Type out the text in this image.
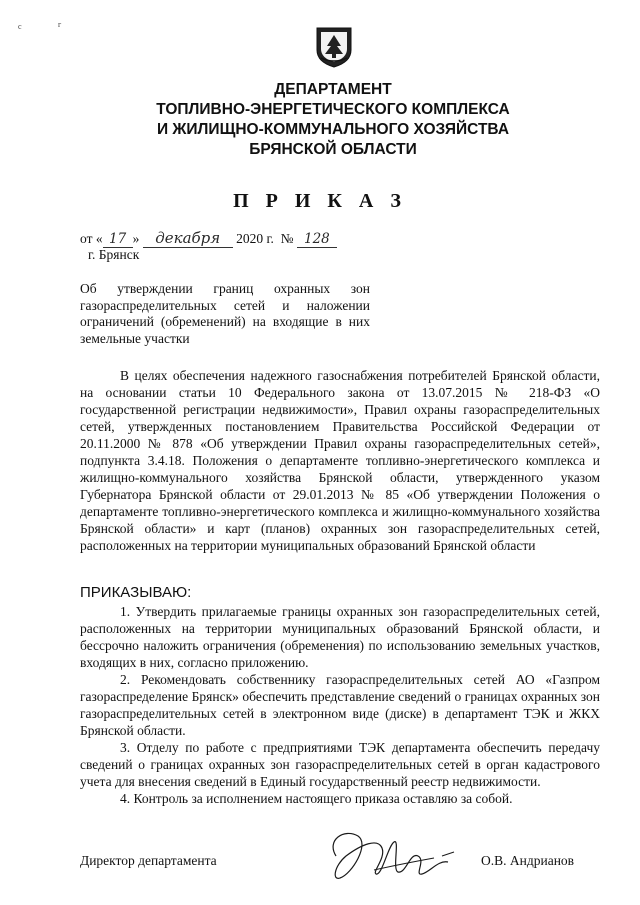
с	г
ДЕПАРТАМЕНТ
ТОПЛИВНО-ЭНЕРГЕТИЧЕСКОГО КОМПЛЕКСА
И ЖИЛИЩНО-КОММУНАЛЬНОГО ХОЗЯЙСТВА
БРЯНСКОЙ ОБЛАСТИ
П Р И К А З
от « 17 » декабря 2020 г. № 128
г. Брянск
Об утверждении границ охранных зон газораспределительных сетей и наложении ограничений (обременений) на входящие в них земельные участки
В целях обеспечения надежного газоснабжения потребителей Брянской области, на основании статьи 10 Федерального закона от 13.07.2015 № 218-ФЗ «О государственной регистрации недвижимости», Правил охраны газораспределительных сетей, утвержденных постановлением Правительства Российской Федерации от 20.11.2000 № 878 «Об утверждении Правил охраны газораспределительных сетей», подпункта 3.4.18. Положения о департаменте топливно-энергетического комплекса и жилищно-коммунального хозяйства Брянской области, утвержденного указом Губернатора Брянской области от 29.01.2013 № 85 «Об утверждении Положения о департаменте топливно-энергетического комплекса и жилищно-коммунального хозяйства Брянской области» и карт (планов) охранных зон газораспределительных сетей, расположенных на территории муниципальных образований Брянской области
ПРИКАЗЫВАЮ:

1. Утвердить прилагаемые границы охранных зон газораспределительных сетей, расположенных на территории муниципальных образований Брянской области, и бессрочно наложить ограничения (обременения) по использованию земельных участков, входящих в них, согласно приложению.

2. Рекомендовать собственнику газораспределительных сетей АО «Газпром газораспределение Брянск» обеспечить представление сведений о границах охранных зон газораспределительных сетей в электронном виде (диске) в департамент ТЭК и ЖКХ Брянской области.

3. Отделу по работе с предприятиями ТЭК департамента обеспечить передачу сведений о границах охранных зон газораспределительных сетей в орган кадастрового учета для внесения сведений в Единый государственный реестр недвижимости.

4. Контроль за исполнением настоящего приказа оставляю за собой.

Директор департамента	О.В. Андрианов
